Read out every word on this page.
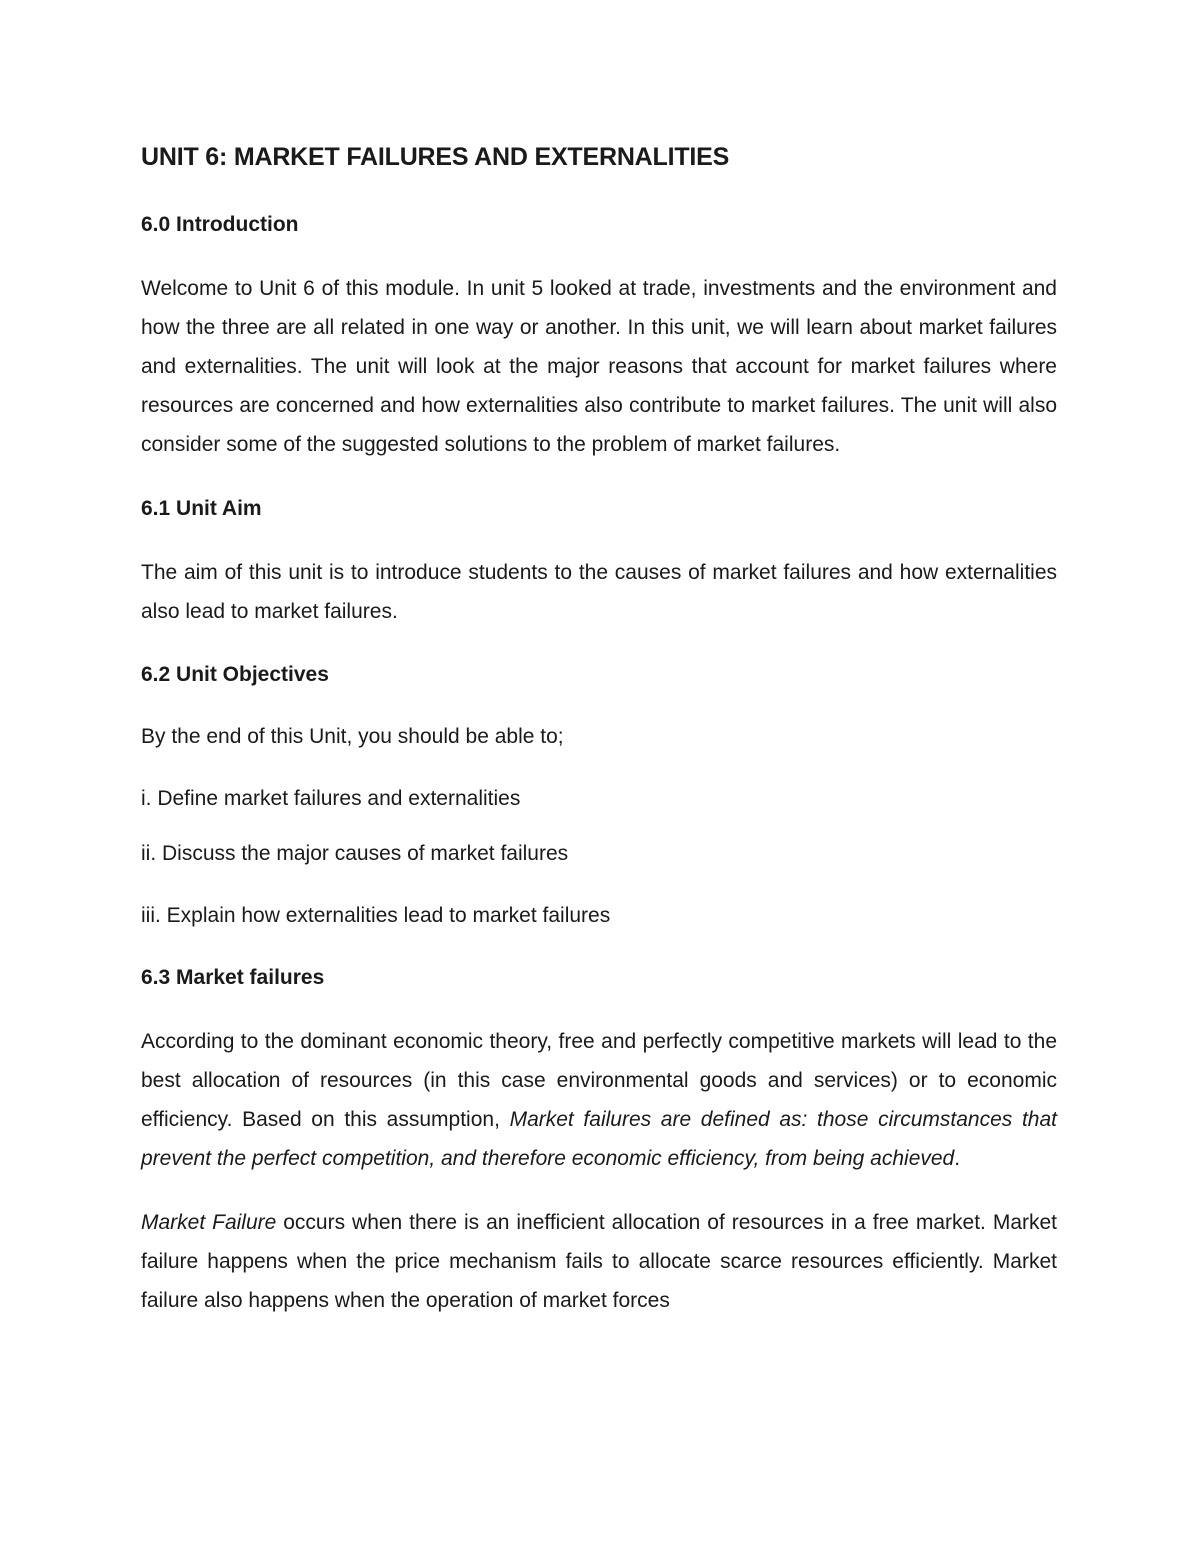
UNIT 6: MARKET FAILURES AND EXTERNALITIES
6.0 Introduction

Welcome to Unit 6 of this module. In unit 5 looked at trade, investments and the environment and how the three are all related in one way or another. In this unit, we will learn about market failures and externalities. The unit will look at the major reasons that account for market failures where resources are concerned and how externalities also contribute to market failures. The unit will also consider some of the suggested solutions to the problem of market failures.

6.1 Unit Aim

The aim of this unit is to introduce students to the causes of market failures and how externalities also lead to market failures.

6.2 Unit Objectives

By the end of this Unit, you should be able to;

i. Define market failures and externalities

ii. Discuss the major causes of market failures

iii. Explain how externalities lead to market failures

6.3 Market failures

According to the dominant economic theory, free and perfectly competitive markets will lead to the best allocation of resources (in this case environmental goods and services) or to economic efficiency. Based on this assumption, Market failures are defined as: those circumstances that prevent the perfect competition, and therefore economic efficiency, from being achieved.

Market Failure occurs when there is an inefficient allocation of resources in a free market. Market failure happens when the price mechanism fails to allocate scarce resources efficiently. Market failure also happens when the operation of market forces
